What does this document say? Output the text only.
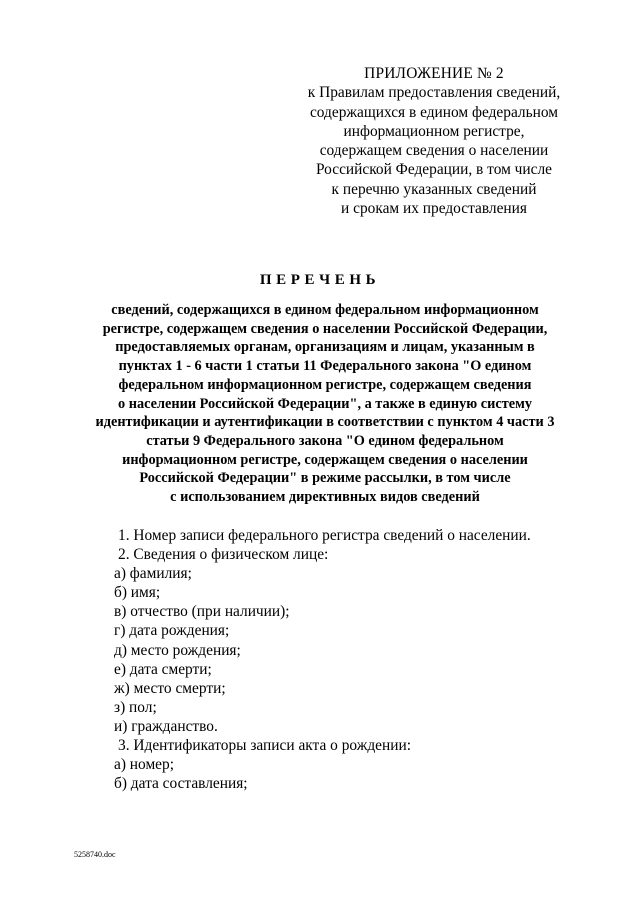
ПРИЛОЖЕНИЕ № 2
к Правилам предоставления сведений,
содержащихся в едином федеральном
информационном регистре,
содержащем сведения о населении
Российской Федерации, в том числе
к перечню указанных сведений
и срокам их предоставления
ПЕРЕЧЕНЬ
сведений, содержащихся в едином федеральном информационном
регистре, содержащем сведения о населении Российской Федерации,
предоставляемых органам, организациям и лицам, указанным в
пунктах 1 - 6 части 1 статьи 11 Федерального закона "О едином
федеральном информационном регистре, содержащем сведения
о населении Российской Федерации", а также в единую систему
идентификации и аутентификации в соответствии с пунктом 4 части 3
статьи 9 Федерального закона "О едином федеральном
информационном регистре, содержащем сведения о населении
Российской Федерации" в режиме рассылки, в том числе
с использованием директивных видов сведений
1. Номер записи федерального регистра сведений о населении.
2. Сведения о физическом лице:
а) фамилия;
б) имя;
в) отчество (при наличии);
г) дата рождения;
д) место рождения;
е) дата смерти;
ж) место смерти;
з) пол;
и) гражданство.
3. Идентификаторы записи акта о рождении:
а) номер;
б) дата составления;
5258740.doc
